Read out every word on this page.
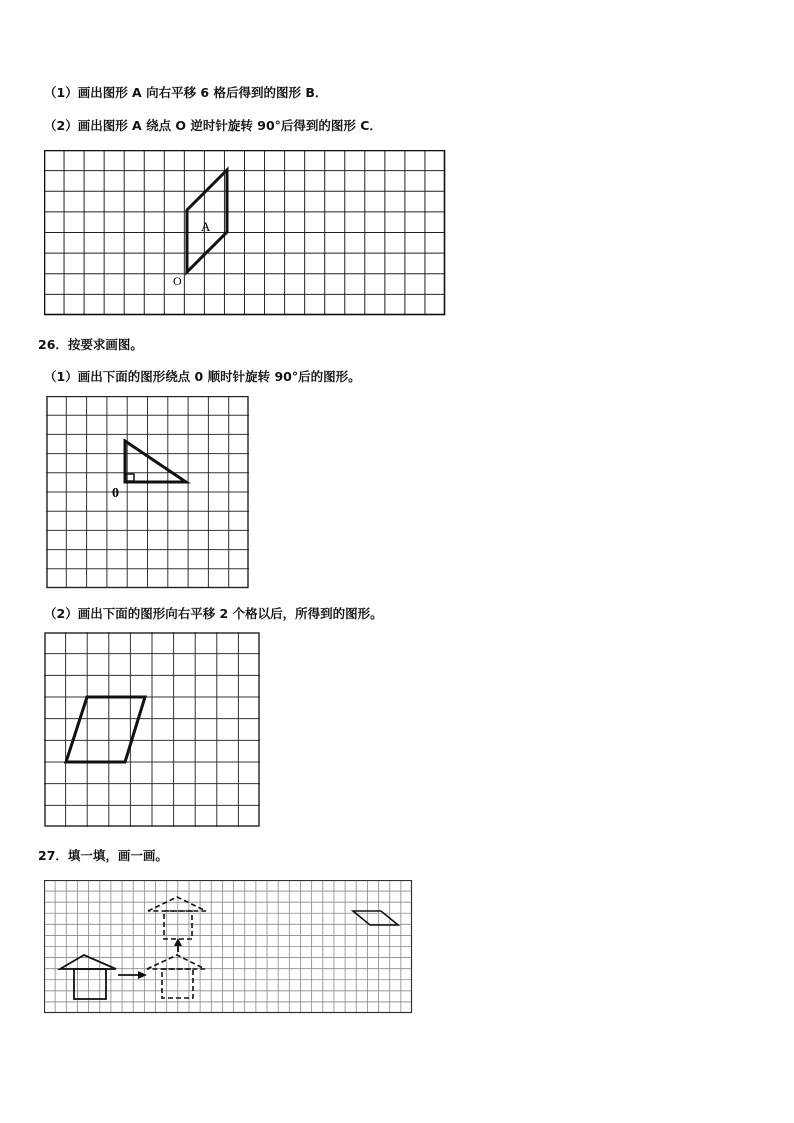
（1）画出图形 A 向右平移 6 格后得到的图形 B．
（2）画出图形 A 绕点 O 逆时针旋转 90°后得到的图形 C．
A
O
26．按要求画图。
（1）画出下面的图形绕点 0 顺时针旋转 90°后的图形。
0
（2）画出下面的图形向右平移 2 个格以后，所得到的图形。
27．填一填，画一画。
